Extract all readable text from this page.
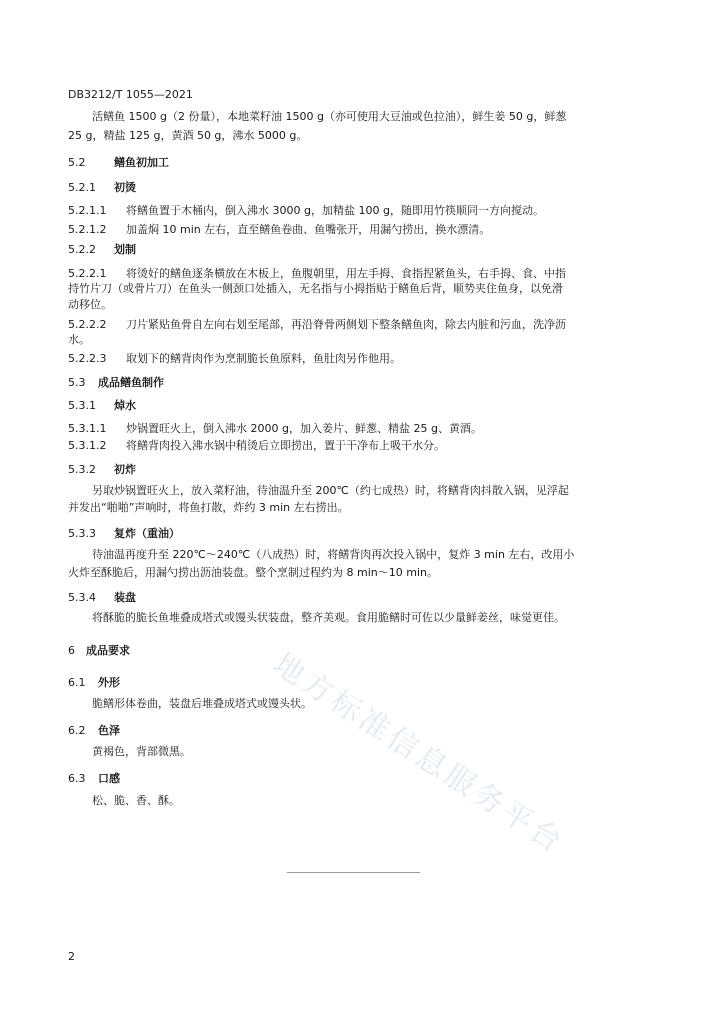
地方标准信息服务平台
DB3212/T 1055—2021
活鳝鱼 1500 g（2 份量），本地菜籽油 1500 g（亦可使用大豆油或色拉油），鲜生姜 50 g，鲜葱
25 g，精盐 125 g，黄酒 50 g，沸水 5000 g。
5.2	鳝鱼初加工
5.2.1 初烫
5.2.1.1 将鳝鱼置于木桶内，倒入沸水 3000 g，加精盐 100 g，随即用竹筷顺同一方向搅动。
5.2.1.2 加盖焖 10 min 左右，直至鳝鱼卷曲、鱼嘴张开，用漏勺捞出，换水漂清。
5.2.2 划制
5.2.2.1 将烫好的鳝鱼逐条横放在木板上，鱼腹朝里，用左手拇、食指捏紧鱼头，右手拇、食、中指
持竹片刀（或骨片刀）在鱼头一侧颈口处插入，无名指与小拇指贴于鳝鱼后背，顺势夹住鱼身，以免滑
动移位。
5.2.2.2 刀片紧贴鱼骨自左向右划至尾部，再沿脊骨两侧划下整条鳝鱼肉，除去内脏和污血，洗净沥
水。
5.2.2.3 取划下的鳝背肉作为烹制脆长鱼原料，鱼肚肉另作他用。
5.3 成品鳝鱼制作
5.3.1 焯水
5.3.1.1 炒锅置旺火上，倒入沸水 2000 g，加入姜片、鲜葱、精盐 25 g、黄酒。
5.3.1.2 将鳝背肉投入沸水锅中稍烫后立即捞出，置于干净布上吸干水分。
5.3.2 初炸
另取炒锅置旺火上，放入菜籽油，待油温升至 200℃（约七成热）时，将鳝背肉抖散入锅，见浮起
并发出“啪啪”声响时，将鱼打散，炸约 3 min 左右捞出。
5.3.3 复炸（重油）
待油温再度升至 220℃～240℃（八成热）时，将鳝背肉再次投入锅中，复炸 3 min 左右，改用小
火炸至酥脆后，用漏勺捞出沥油装盘。整个烹制过程约为 8 min～10 min。
5.3.4 装盘
将酥脆的脆长鱼堆叠成塔式或馒头状装盘，整齐美观。食用脆鳝时可佐以少量鲜姜丝，味觉更佳。
6 成品要求
6.1 外形
脆鳝形体卷曲，装盘后堆叠成塔式或馒头状。
6.2 色泽
黄褐色，背部微黑。
6.3 口感
松、脆、香、酥。
2
